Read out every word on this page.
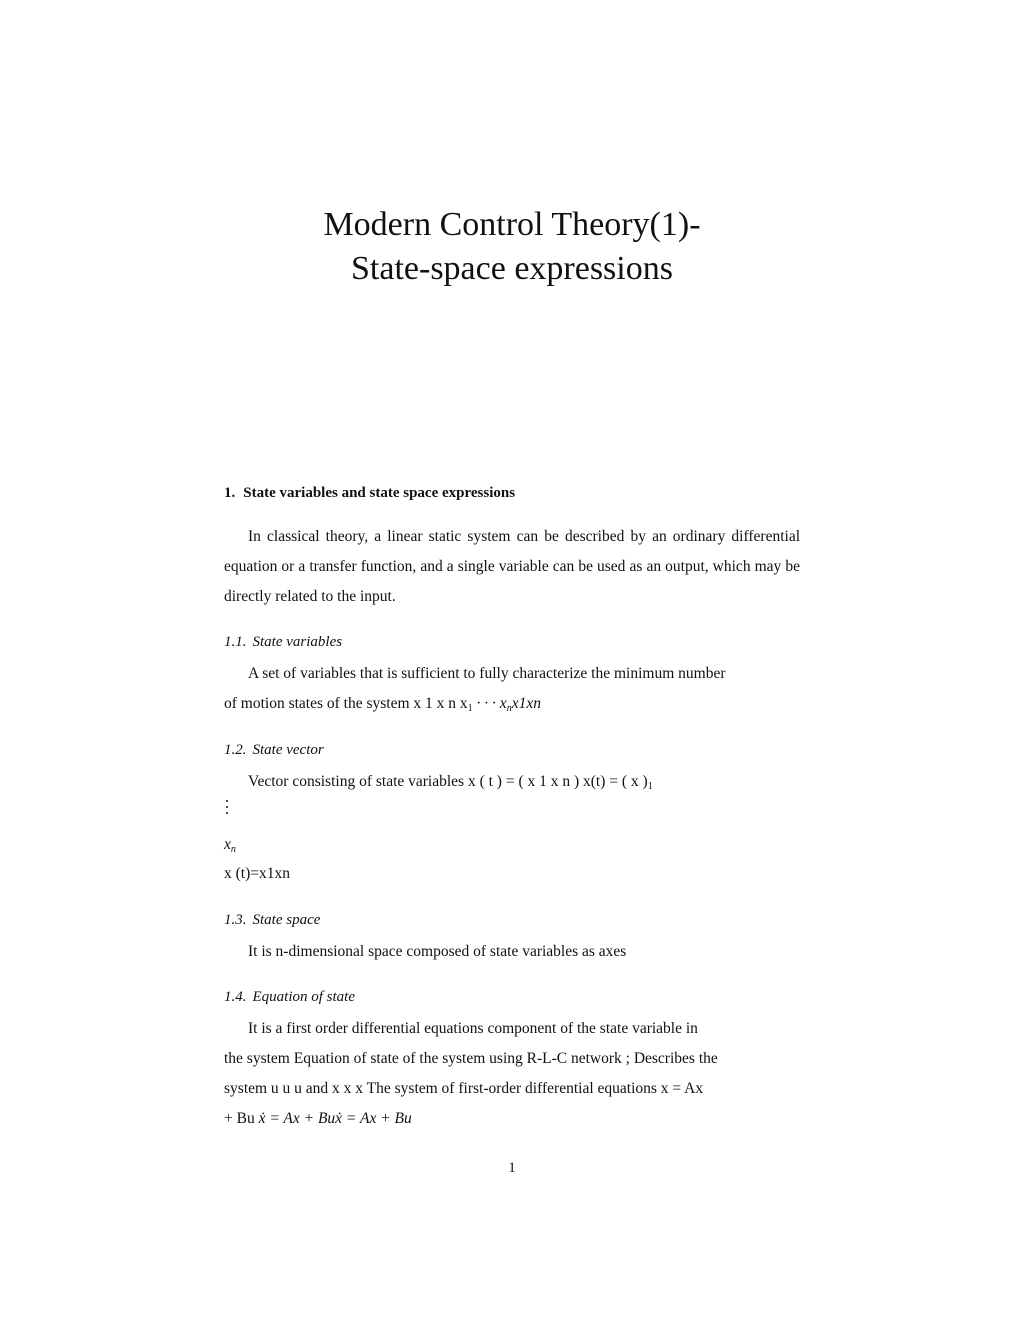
Modern Control Theory(1)-
State-space expressions
1. State variables and state space expressions
In classical theory, a linear static system can be described by an ordinary differential equation or a transfer function, and a single variable can be used as an output, which may be directly related to the input.
1.1. State variables
A set of variables that is sufficient to fully characterize the minimum number
of motion states of the system x 1 x n $x_1$ · · · $x_nx1xn$
1.2. State vector
Vector consisting of state variables x ( t ) = ( x 1 x n ) x(t) = ( x )$_1$
$x_n$
x (t)=x1xn
1.3. State space
It is n-dimensional space composed of state variables as axes
1.4. Equation of state
It is a first order differential equations component of the state variable in
the system Equation of state of the system using R-L-C network ; Describes the
system u u u and x x x The system of first-order differential equations x = Ax
+ Bu ẋ = Ax + Buẋ = Ax + Bu
1
